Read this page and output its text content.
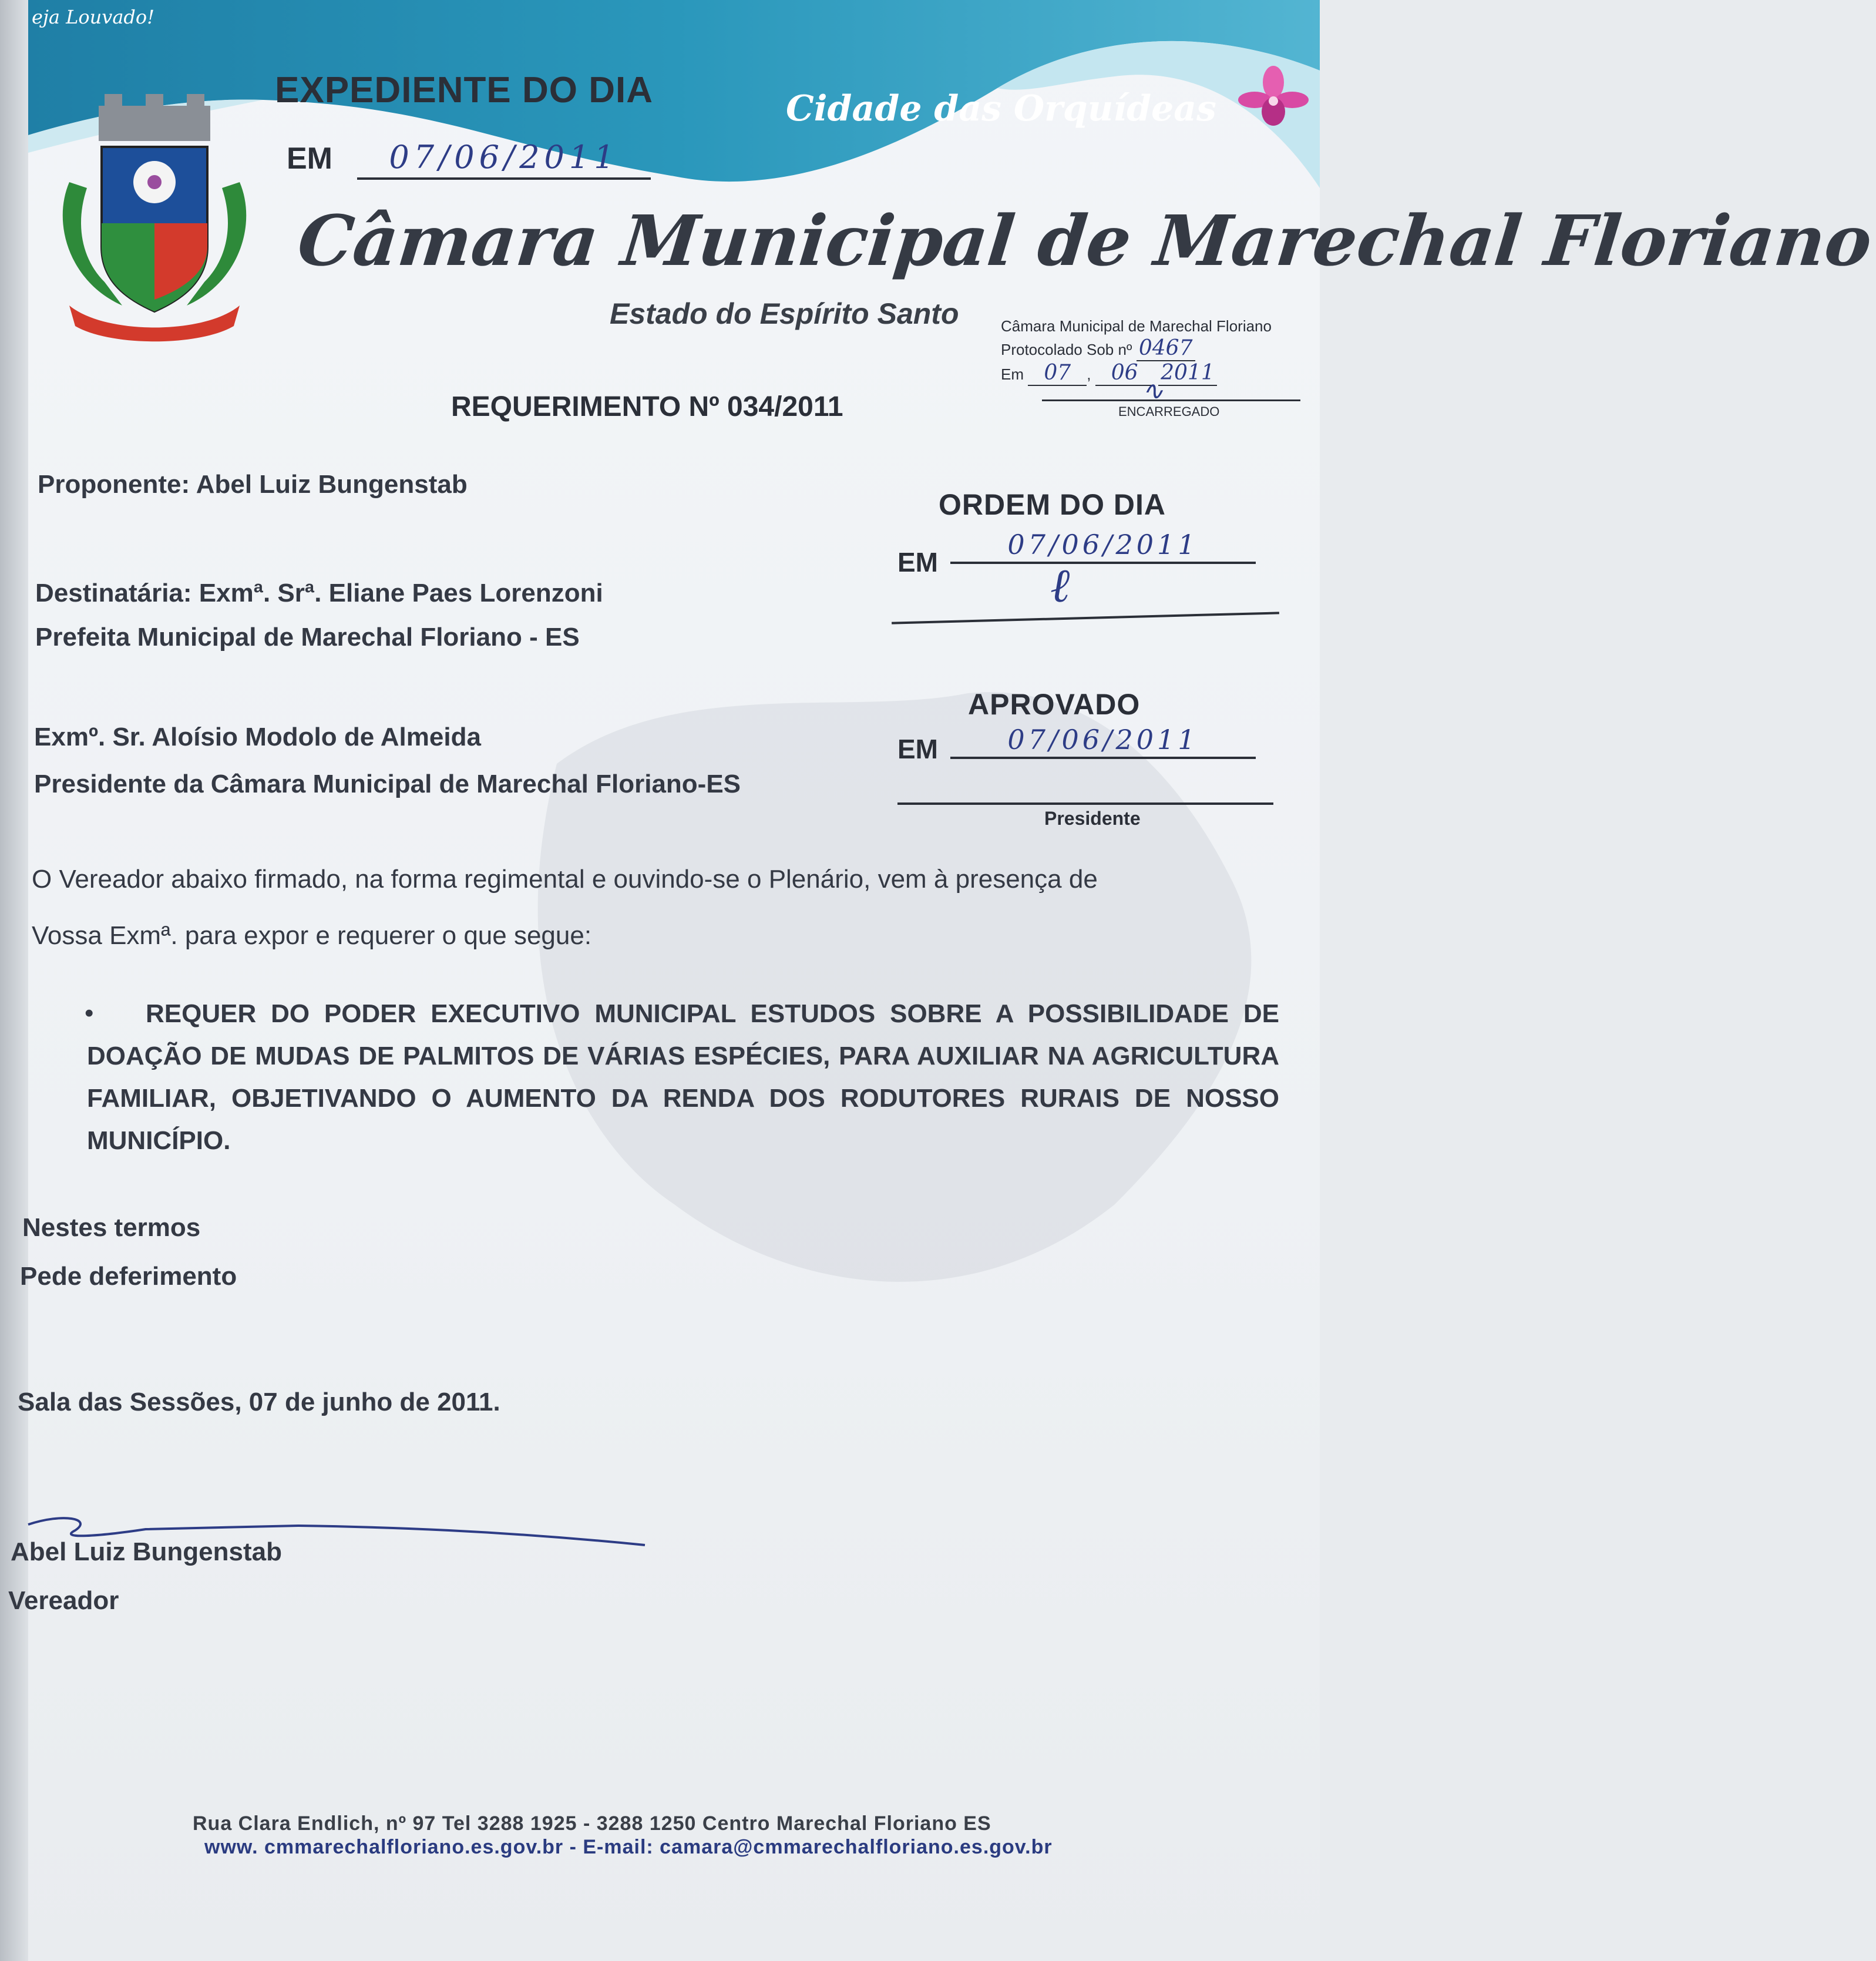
eja Louvado!
Cidade das Orquídeas
EXPEDIENTE DO DIA
EM	07/06/2011
Câmara Municipal de Marechal Floriano
Estado do Espírito Santo	Câmara Municipal de Marechal Floriano
Protocolado Sob nº 0467
Em 07 , 06 2011
∿
ENCARREGADO
REQUERIMENTO Nº 034/2011
Proponente: Abel Luiz Bungenstab
Destinatária: Exmª. Srª. Eliane Paes Lorenzoni
Prefeita Municipal de Marechal Floriano - ES
Exmº. Sr. Aloísio Modolo de Almeida
Presidente da Câmara Municipal de Marechal Floriano-ES
ORDEM DO DIA
EM
07/06/2011
ℓ
APROVADO
EM	07/06/2011
Presidente
O Vereador abaixo firmado, na forma regimental e ouvindo-se o Plenário, vem à presença de
Vossa Exmª. para expor e requerer o que segue:
•	REQUER DO PODER EXECUTIVO MUNICIPAL ESTUDOS SOBRE A POSSIBILIDADE DE DOAÇÃO DE MUDAS DE PALMITOS DE VÁRIAS ESPÉCIES, PARA AUXILIAR NA AGRICULTURA FAMILIAR, OBJETIVANDO O AUMENTO DA RENDA DOS RODUTORES RURAIS DE NOSSO MUNICÍPIO.
Nestes termos
Pede deferimento
Sala das Sessões, 07 de junho de 2011.
Abel Luiz Bungenstab
Vereador
Rua Clara Endlich, nº 97 Tel 3288 1925 - 3288 1250 Centro Marechal Floriano ES
www. cmmarechalfloriano.es.gov.br - E-mail: camara@cmmarechalfloriano.es.gov.br
